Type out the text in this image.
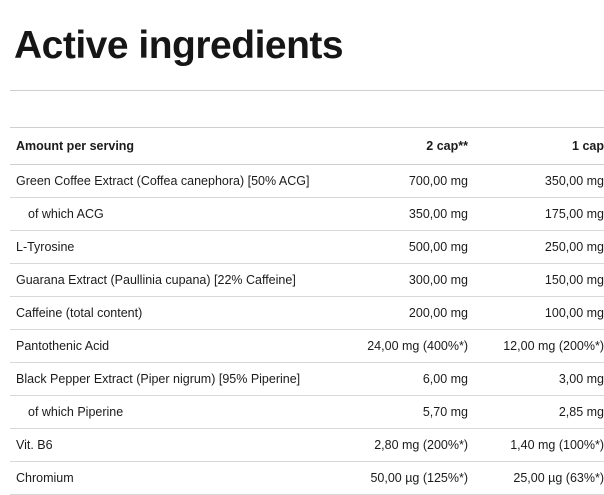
Active ingredients

Amount per serving	2 cap**	1 cap
Green Coffee Extract (Coffea canephora) [50% ACG]	700,00 mg	350,00 mg
of which ACG	350,00 mg	175,00 mg
L-Tyrosine	500,00 mg	250,00 mg
Guarana Extract (Paullinia cupana) [22% Caffeine]	300,00 mg	150,00 mg
Caffeine (total content)	200,00 mg	100,00 mg
Pantothenic Acid	24,00 mg (400%*)	12,00 mg (200%*)
Black Pepper Extract (Piper nigrum) [95% Piperine]	6,00 mg	3,00 mg
of which Piperine	5,70 mg	2,85 mg
Vit. B6	2,80 mg (200%*)	1,40 mg (100%*)
Chromium	50,00 µg (125%*)	25,00 µg (63%*)
